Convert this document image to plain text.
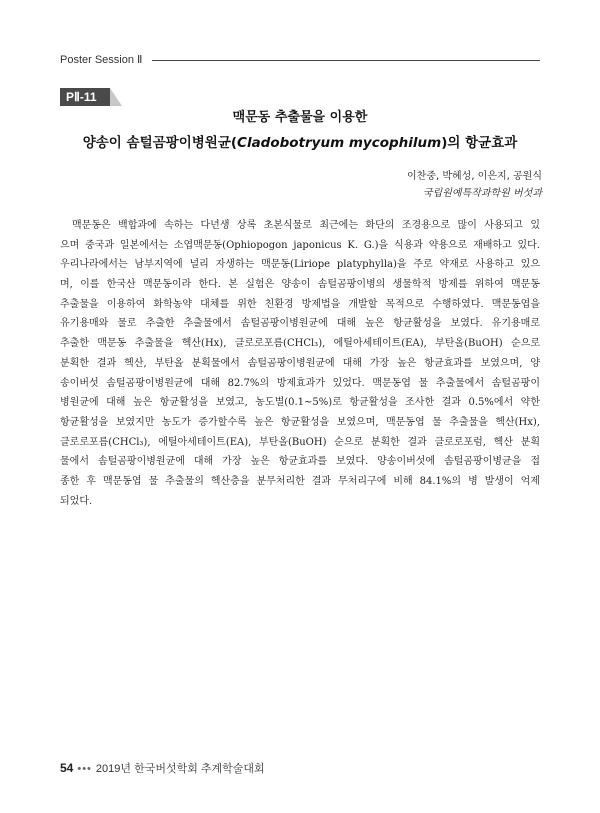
Poster Session Ⅱ
PⅡ-11
맥문동 추출물을 이용한
양송이 솜털곰팡이병원균(Cladobotryum mycophilum)의 항균효과
이찬중, 박혜성, 이은지, 공원식
국립원예특작과학원 버섯과
맥문동은 백합과에 속하는 다년생 상록 초본식물로 최근에는 화단의 조경용으로 많이 사용되고 있
으며 중국과 일본에서는 소엽맥문동(Ophiopogon japonicus K. G.)을 식용과 약용으로 재배하고 있다.
우리나라에서는 남부지역에 널리 자생하는 맥문동(Liriope platyphylla)을 주로 약재로 사용하고 있으
며, 이를 한국산 맥문동이라 한다. 본 실험은 양송이 솜털곰팡이병의 생물학적 방제를 위하여 맥문동
추출물을 이용하여 화학농약 대체를 위한 친환경 방제법을 개발할 목적으로 수행하였다. 맥문동엽을
유기용매와 물로 추출한 추출물에서 솜털곰팡이병원균에 대해 높은 항균활성을 보였다. 유기용매로
추출한 맥문동 추출물을 헥산(Hx), 클로로포름(CHCl₃), 에틸아세테이트(EA), 부탄올(BuOH) 순으로
분획한 결과 헥산, 부탄올 분획물에서 솜털곰팡이병원균에 대해 가장 높은 항균효과를 보였으며, 양
송이버섯 솜털곰팡이병원균에 대해 82.7%의 방제효과가 있었다. 맥문동엽 물 추출물에서 솜털곰팡이
병원균에 대해 높은 항균활성을 보였고, 농도별(0.1~5%)로 항균활성을 조사한 결과 0.5%에서 약한
항균활성을 보였지만 농도가 증가할수록 높은 항균활성을 보였으며, 맥문동엽 물 추출물을 헥산(Hx),
클로로포름(CHCl₃), 에틸아세테이트(EA), 부탄올(BuOH) 순으로 분획한 결과 클로로포럼, 헥산 분획
물에서 솜털곰팡이병원균에 대해 가장 높은 항균효과를 보였다. 양송이버섯에 솜털곰팡이병균을 접
종한 후 맥문동엽 물 추출물의 헥산층을 분무처리한 결과 무처리구에 비해 84.1%의 병 발생이 억제
되었다.
54 ••• 2019년 한국버섯학회 추계학술대회
